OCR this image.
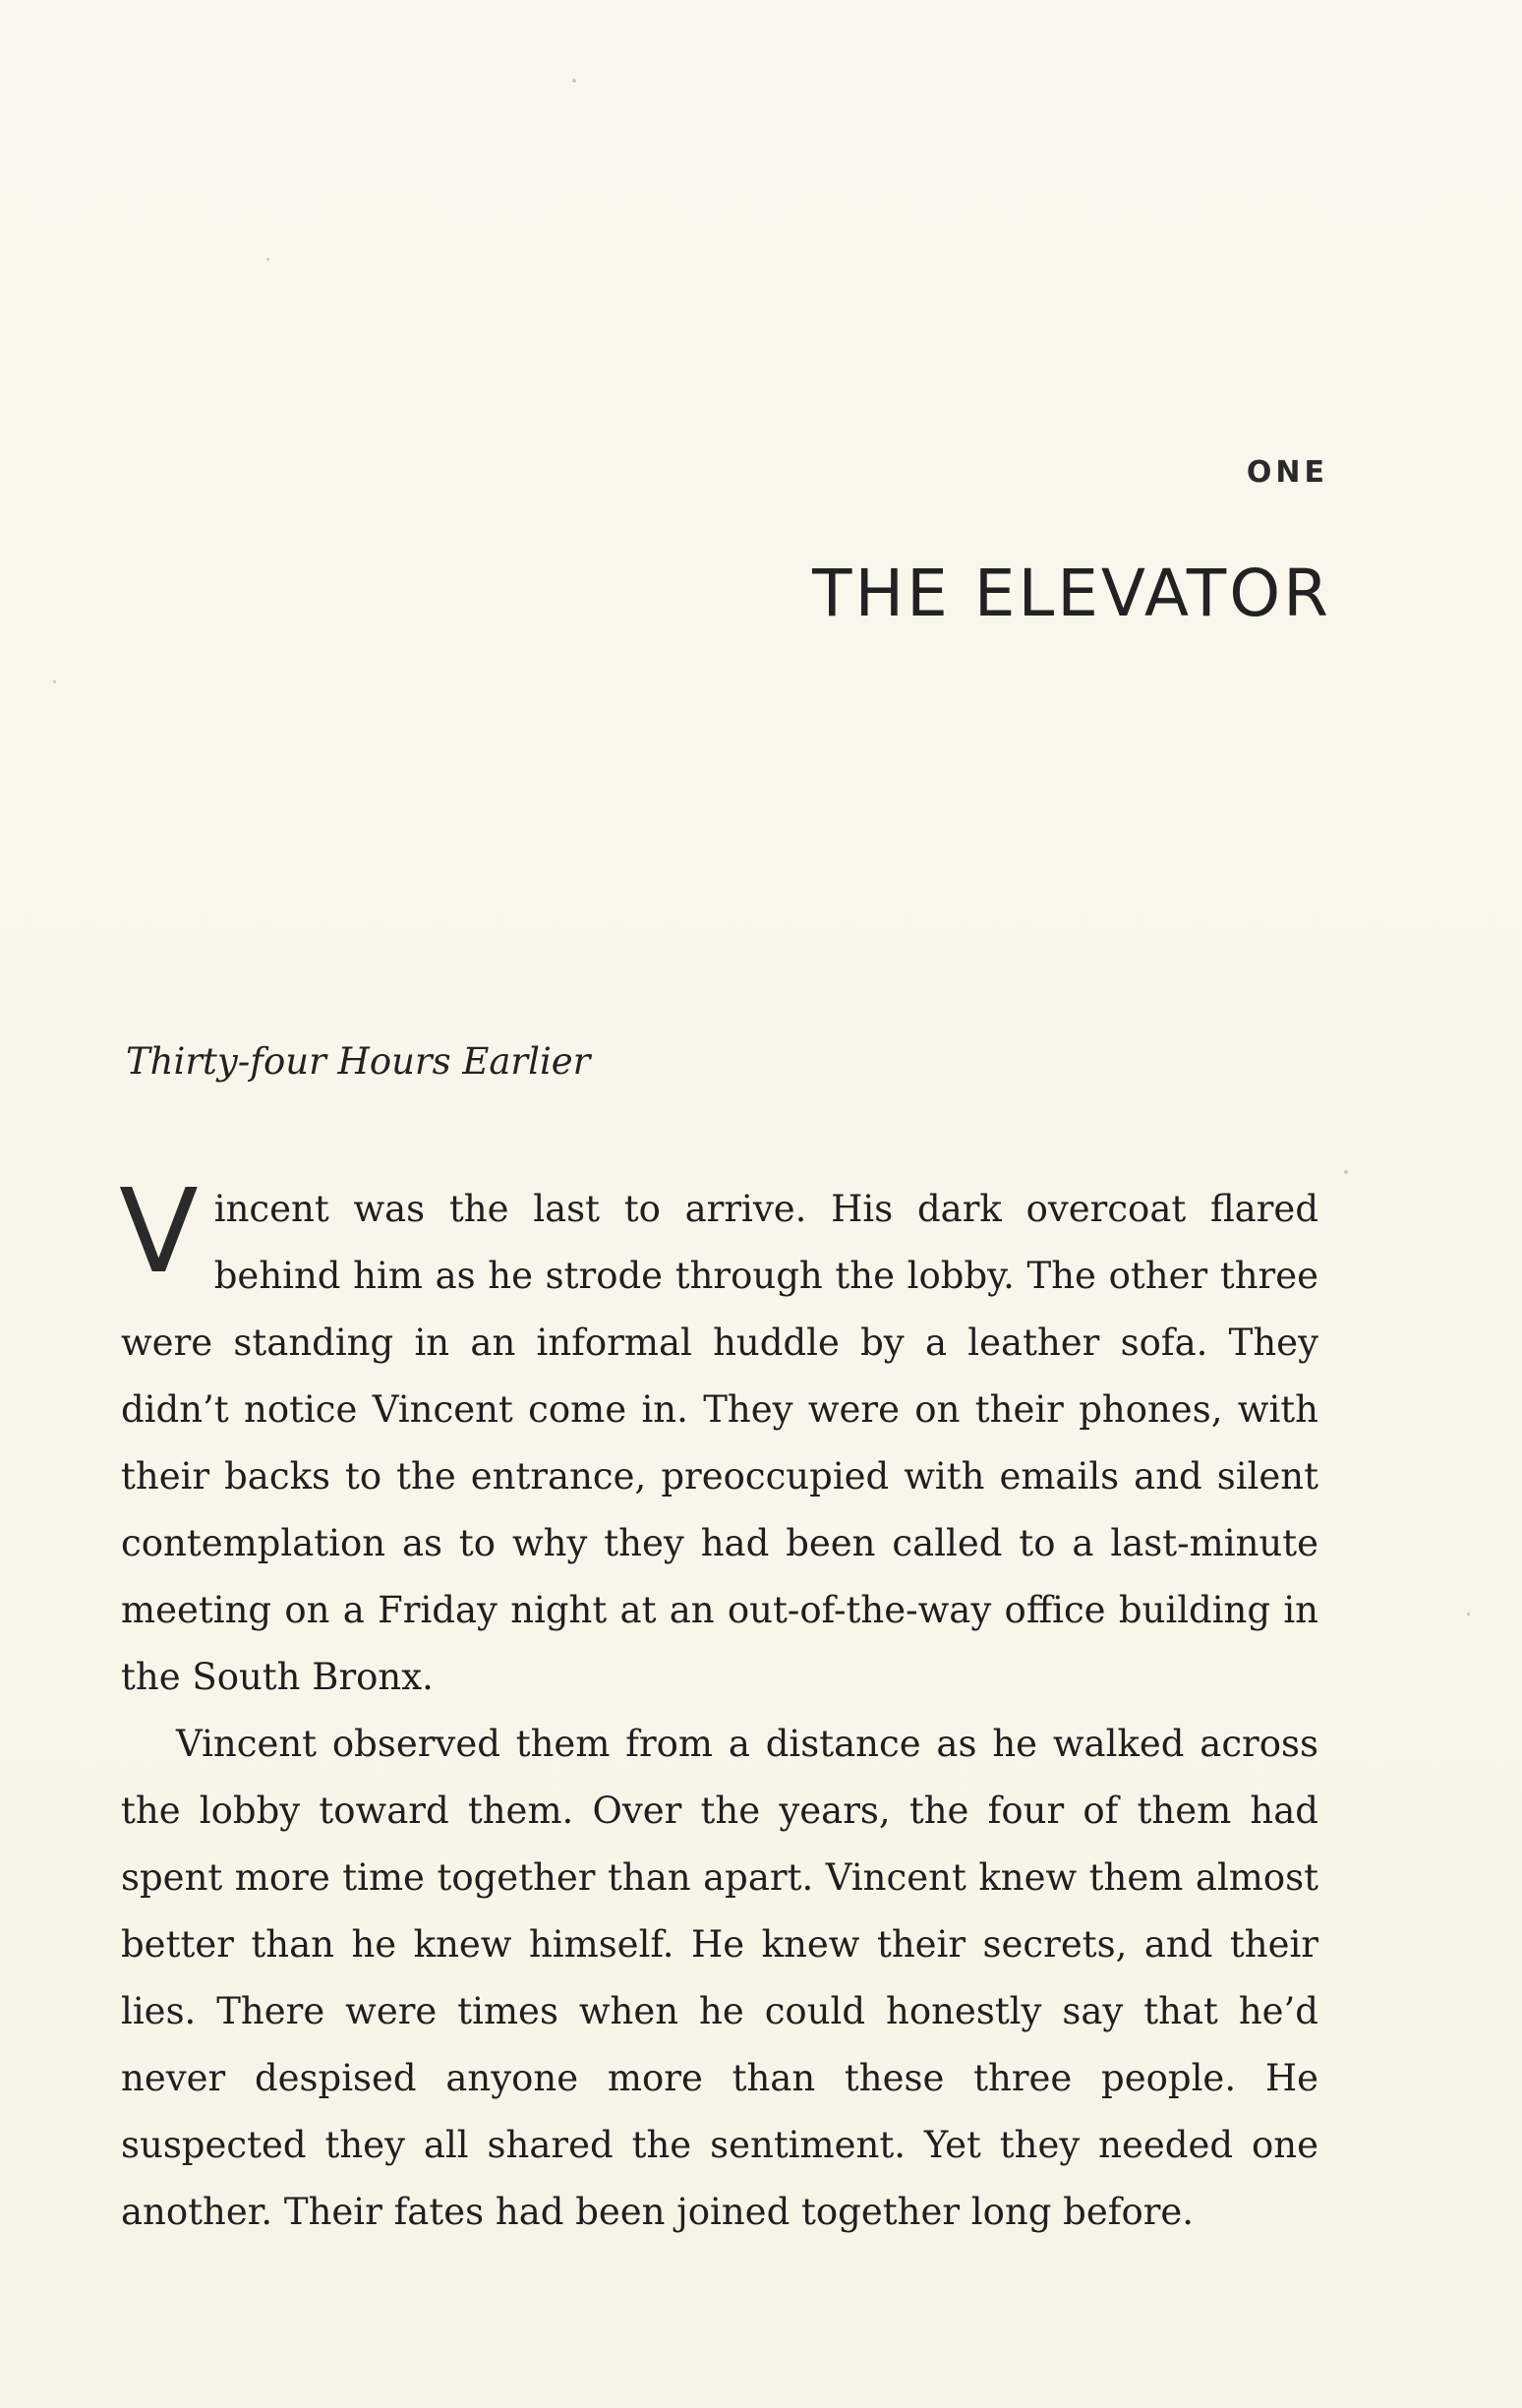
ONE
THE ELEVATOR
Thirty-four Hours Earlier

Vincent was the last to arrive. His dark overcoat flared behind him as he strode through the lobby. The other three were standing in an informal huddle by a leather sofa. They didn’t notice Vincent come in. They were on their phones, with their backs to the entrance, preoccupied with emails and silent contemplation as to why they had been called to a last-minute meeting on a Friday night at an out-of-the-way office building in the South Bronx.

Vincent observed them from a distance as he walked across the lobby toward them. Over the years, the four of them had spent more time together than apart. Vincent knew them almost better than he knew himself. He knew their secrets, and their lies. There were times when he could honestly say that he’d never despised anyone more than these three people. He suspected they all shared the sentiment. Yet they needed one another. Their fates had been joined together long before.
